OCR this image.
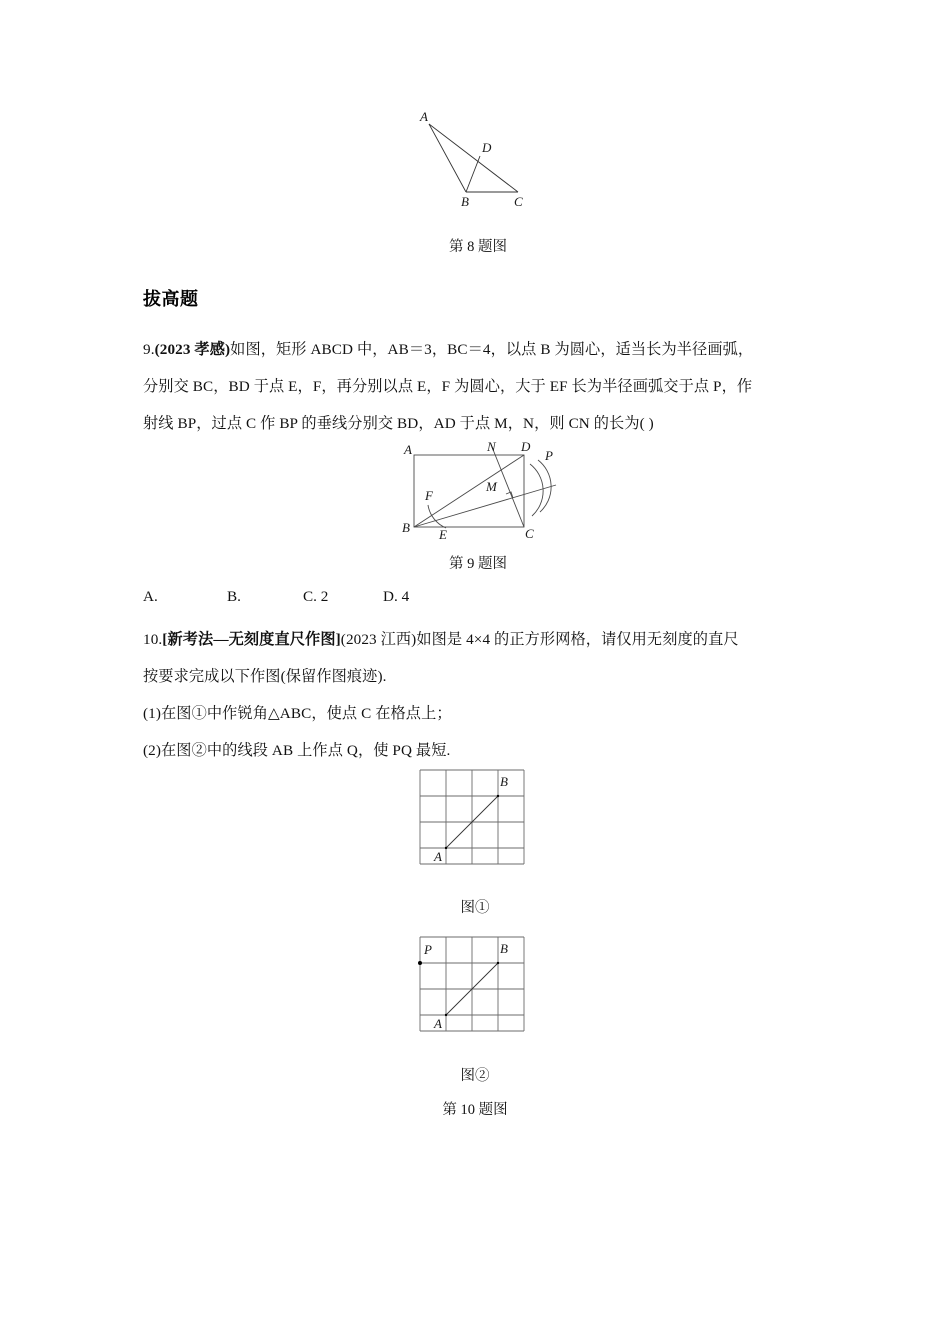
A
D
B	C
第 8 题图
拔高题
9.(2023 孝感)如图，矩形 ABCD 中，AB＝3，BC＝4，以点 B 为圆心，适当长为半径画弧，
分别交 BC，BD 于点 E，F，再分别以点 E，F 为圆心，大于 EF 长为半径画弧交于点 P，作
射线 BP，过点 C 作 BP 的垂线分别交 BD，AD 于点 M，N，则 CN 的长为( )
A	D
N
B	C
E
F
M
P
第 9 题图
A.	B.	C. 2	D. 4
10.[新考法—无刻度直尺作图](2023 江西)如图是 4×4 的正方形网格，请仅用无刻度的直尺
按要求完成以下作图(保留作图痕迹).
(1)在图①中作锐角△ABC，使点 C 在格点上；
(2)在图②中的线段 AB 上作点 Q，使 PQ 最短.
A
B
图①
A
B
P
图②
第 10 题图
